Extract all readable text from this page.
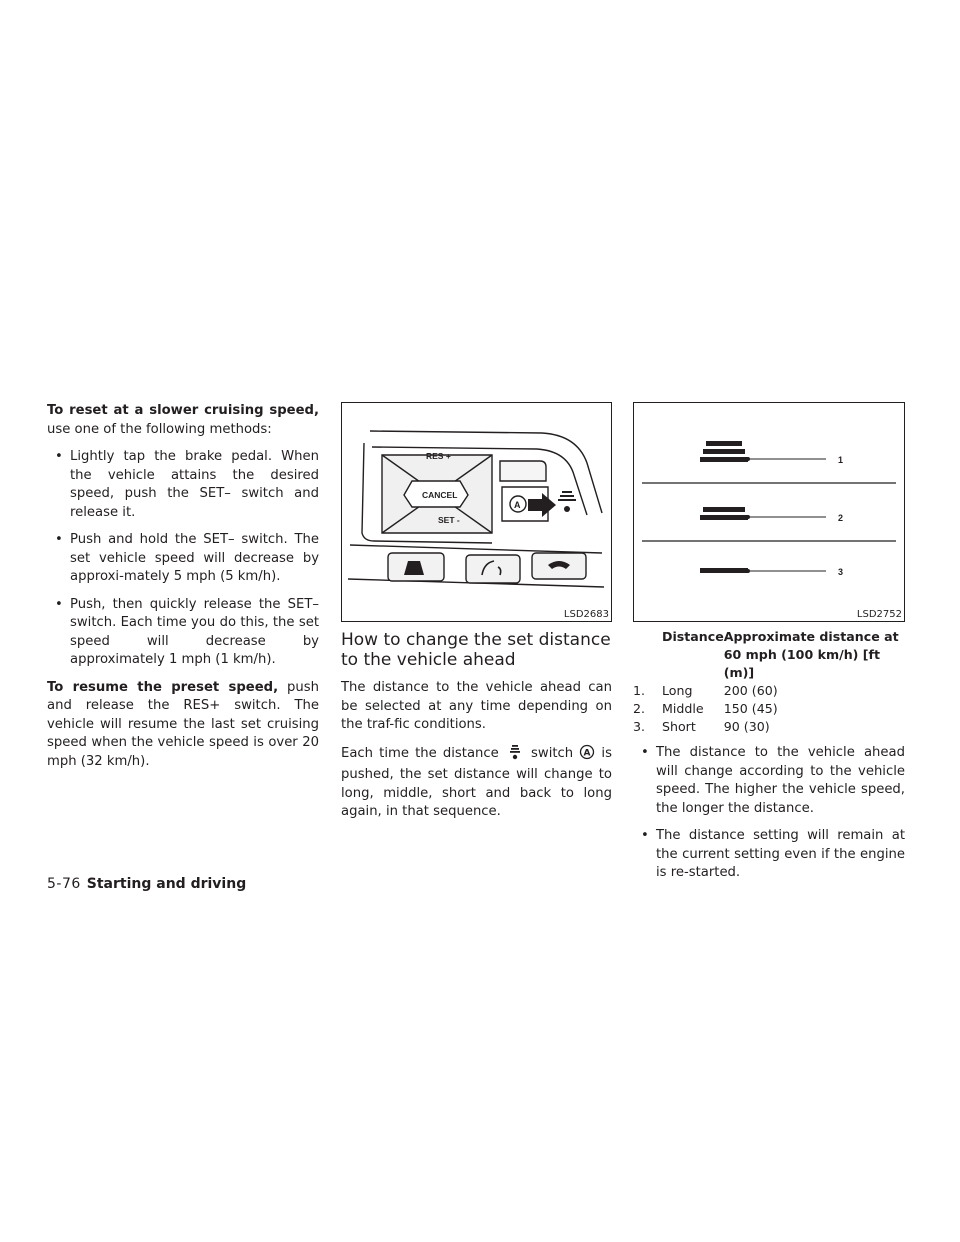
To reset at a slower cruising speed, use one of the following methods:

• Lightly tap the brake pedal. When the vehicle attains the desired speed, push the SET– switch and release it.
• Push and hold the SET– switch. The set vehicle speed will decrease by approxi-mately 5 mph (5 km/h).
• Push, then quickly release the SET– switch. Each time you do this, the set speed will decrease by approximately 1 mph (1 km/h).

To resume the preset speed, push and release the RES+ switch. The vehicle will resume the last set cruising speed when the vehicle speed is over 20 mph (32 km/h).

RES +
CANCEL
SET -
A
LSD2683
How to change the set distance to the vehicle ahead

The distance to the vehicle ahead can be selected at any time depending on the traf-fic conditions.

Each time the distance switch A is pushed, the set distance will change to long, middle, short and back to long again, in that sequence.

1
2
3
LSD2752
	Distance	Approximate distance at 60 mph (100 km/h) [ft (m)]
1.	Long	200 (60)
2.	Middle	150 (45)
3.	Short	90 (30)
• The distance to the vehicle ahead will change according to the vehicle speed. The higher the vehicle speed, the longer the distance.
• The distance setting will remain at the current setting even if the engine is re-started.
5-76 Starting and driving
